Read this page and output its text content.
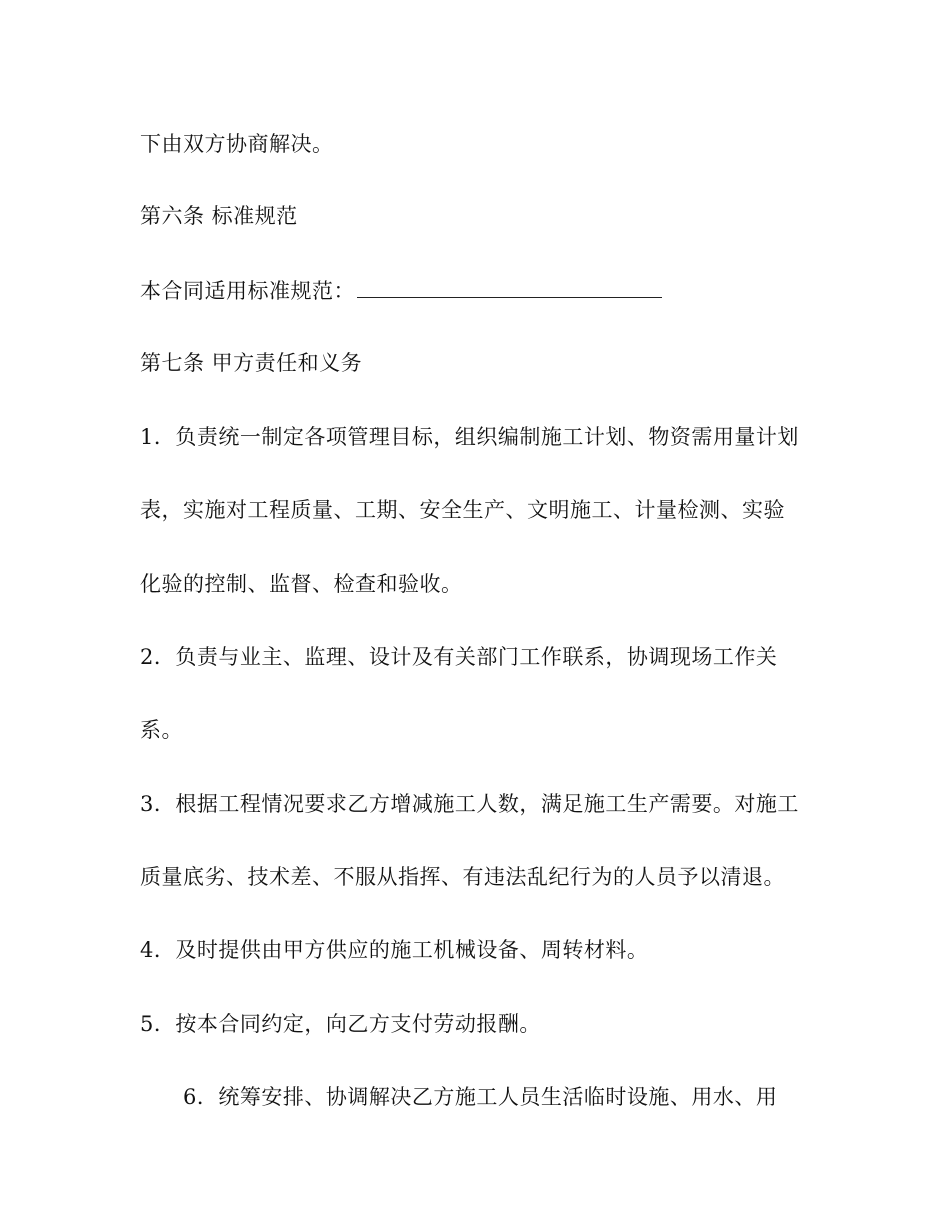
下由双方协商解决。
第六条 标准规范
本合同适用标准规范：
第七条 甲方责任和义务
1．负责统一制定各项管理目标，组织编制施工计划、物资需用量计划
表，实施对工程质量、工期、安全生产、文明施工、计量检测、实验
化验的控制、监督、检查和验收。
2．负责与业主、监理、设计及有关部门工作联系，协调现场工作关
系。
3．根据工程情况要求乙方增减施工人数，满足施工生产需要。对施工
质量底劣、技术差、不服从指挥、有违法乱纪行为的人员予以清退。
4．及时提供由甲方供应的施工机械设备、周转材料。
5．按本合同约定，向乙方支付劳动报酬。
6．统筹安排、协调解决乙方施工人员生活临时设施、用水、用
